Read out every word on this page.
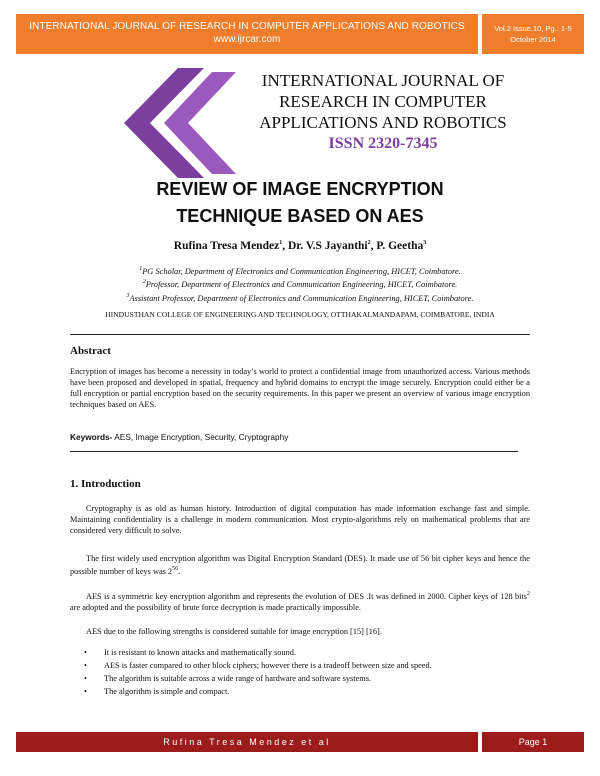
INTERNATIONAL JOURNAL OF RESEARCH IN COMPUTER APPLICATIONS AND ROBOTICS
www.ijrcar.com
Vol.2 Issue.10, Pg.: 1-5
October 2014
INTERNATIONAL JOURNAL OF
RESEARCH IN COMPUTER
APPLICATIONS AND ROBOTICS
ISSN 2320-7345
REVIEW OF IMAGE ENCRYPTION
TECHNIQUE BASED ON AES
Rufina Tresa Mendez$^1$, Dr. V.S Jayanthi$^2$, P. Geetha$^3$
$^1$PG Scholar, Department of Electronics and Communication Engineering, HICET, Coimbatore.
$^2$Professor, Department of Electronics and Communication Engineering, HICET, Coimbatore.
$^3$Assistant Professor, Department of Electronics and Communication Engineering, HICET, Coimbatore.
HINDUSTHAN COLLEGE OF ENGINEERING AND TECHNOLOGY, OTTHAKALMANDAPAM, COIMBATORE, INDIA
Abstract
Encryption of images has become a necessity in today’s world to protect a confidential image from unauthorized access. Various methods have been proposed and developed in spatial, frequency and hybrid domains to encrypt the image securely. Encryption could either be a full encryption or partial encryption based on the security requirements. In this paper we present an overview of various image encryption techniques based on AES.
Keywords- AES, Image Encryption, Security, Cryptography
1. Introduction
Cryptography is as old as human history. Introduction of digital computation has made information exchange fast and simple. Maintaining confidentiality is a challenge in modern communication. Most crypto-algorithms rely on mathematical problems that are considered very difficult to solve.
The first widely used encryption algorithm was Digital Encryption Standard (DES). It made use of 56 bit cipher keys and hence the possible number of keys was $2^{56}$.
AES is a symmetric key encryption algorithm and represents the evolution of DES .It was defined in 2000. Cipher keys of 128 bits$^2$ are adopted and the possibility of brute force decryption is made practically impossible.
AES due to the following strengths is considered suitable for image encryption [15] [16].
• It is resistant to known attacks and mathematically sound.
• AES is faster compared to other block ciphers; however there is a tradeoff between size and speed.
• The algorithm is suitable across a wide range of hardware and software systems.
• The algorithm is simple and compact.
Rufina Tresa Mendez et al	Page 1
